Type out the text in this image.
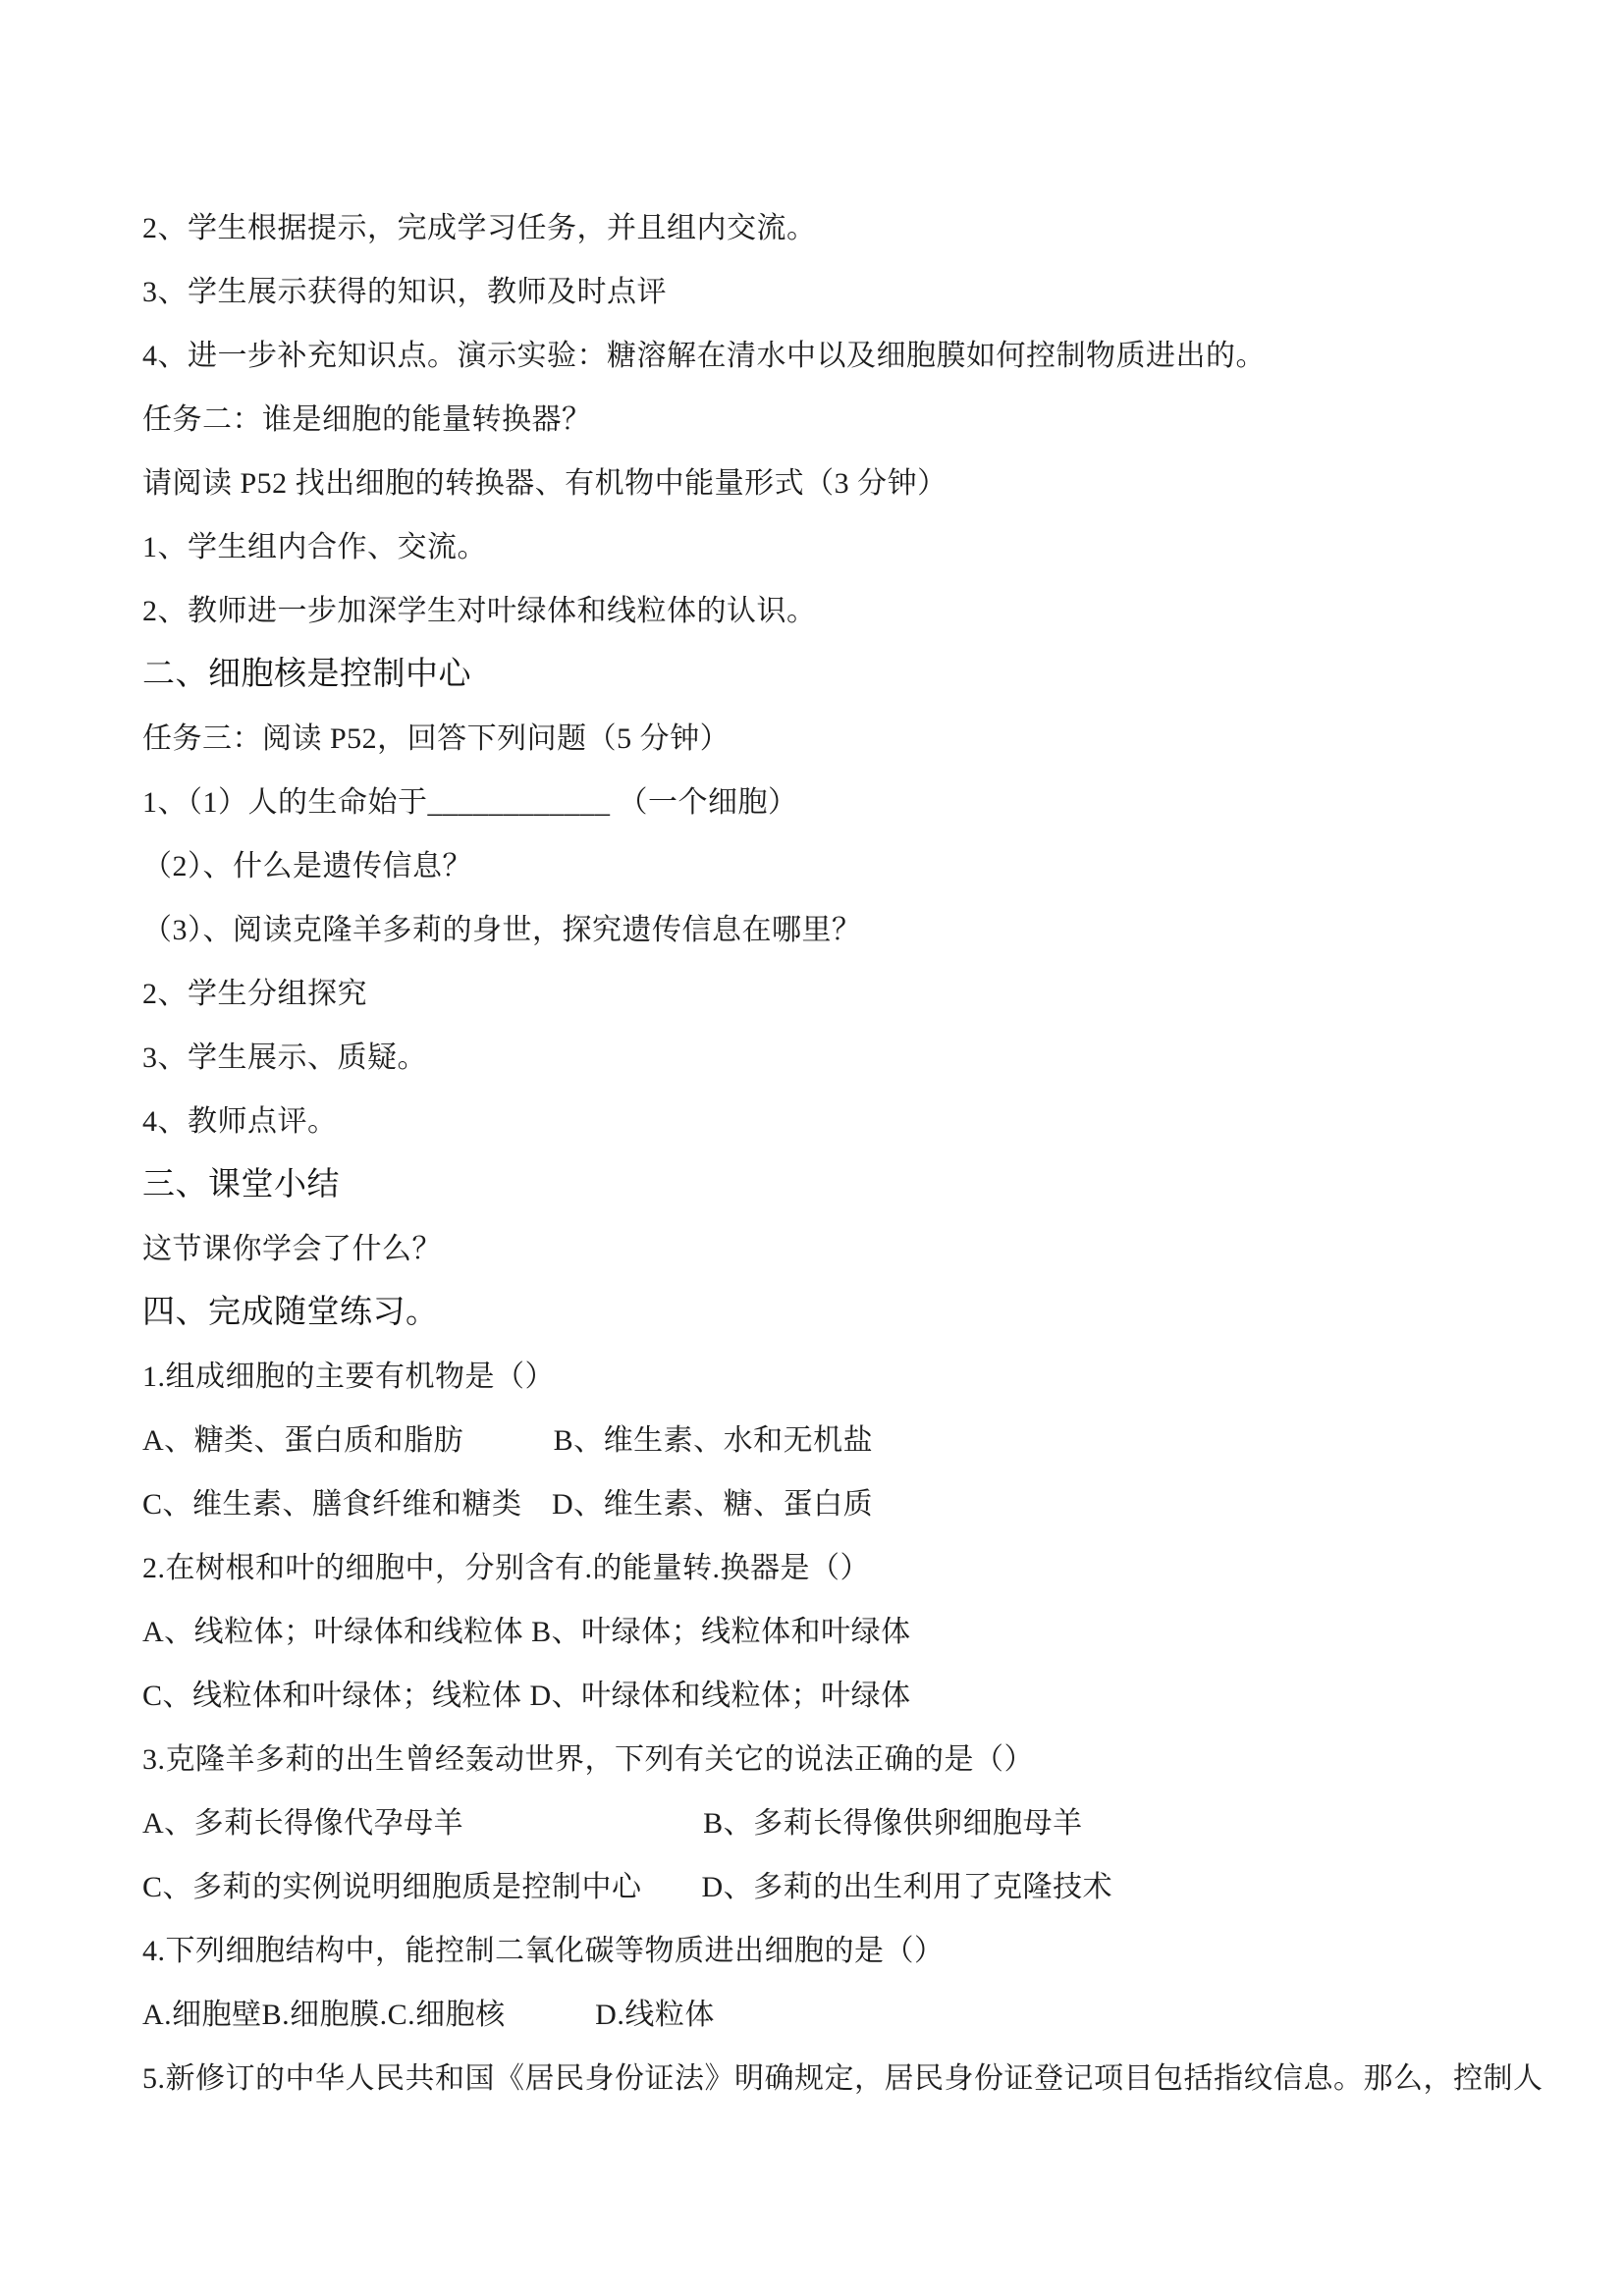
2、学生根据提示，完成学习任务，并且组内交流。
3、学生展示获得的知识，教师及时点评
4、进一步补充知识点。演示实验：糖溶解在清水中以及细胞膜如何控制物质进出的。
任务二：谁是细胞的能量转换器？
请阅读 P52 找出细胞的转换器、有机物中能量形式（3 分钟）
1、学生组内合作、交流。
2、教师进一步加深学生对叶绿体和线粒体的认识。
二、细胞核是控制中心
任务三：阅读 P52，回答下列问题（5 分钟）
1、（1）人的生命始于____________ （一个细胞）
（2）、什么是遗传信息？
（3）、阅读克隆羊多莉的身世，探究遗传信息在哪里？
2、学生分组探究
3、学生展示、质疑。
4、教师点评。
三、课堂小结
这节课你学会了什么？
四、完成随堂练习。
1.组成细胞的主要有机物是（）
A、糖类、蛋白质和脂肪　　　B、维生素、水和无机盐
C、维生素、膳食纤维和糖类　D、维生素、糖、蛋白质
2.在树根和叶的细胞中，分别含有.的能量转.换器是（）
A、线粒体；叶绿体和线粒体 B、叶绿体；线粒体和叶绿体
C、线粒体和叶绿体；线粒体 D、叶绿体和线粒体；叶绿体
3.克隆羊多莉的出生曾经轰动世界，下列有关它的说法正确的是（）
A、多莉长得像代孕母羊　　　　　　　　B、多莉长得像供卵细胞母羊
C、多莉的实例说明细胞质是控制中心　　D、多莉的出生利用了克隆技术
4.下列细胞结构中，能控制二氧化碳等物质进出细胞的是（）
A.细胞壁B.细胞膜.C.细胞核　　　D.线粒体
5.新修订的中华人民共和国《居民身份证法》明确规定，居民身份证登记项目包括指纹信息。那么，控制人
